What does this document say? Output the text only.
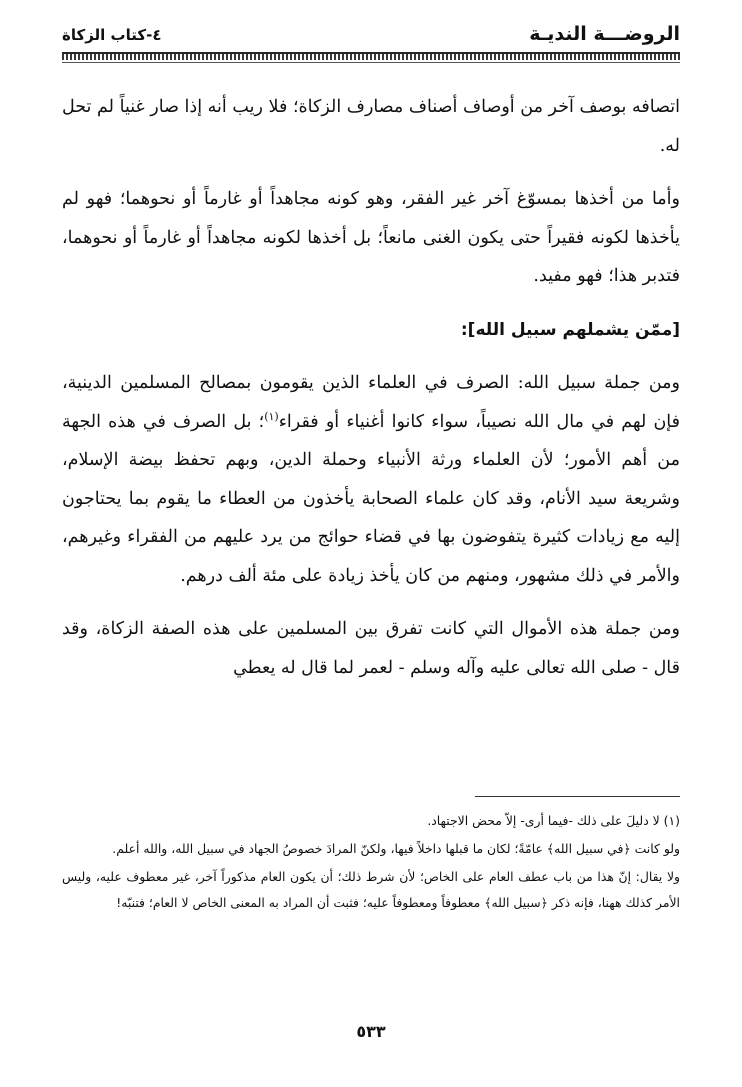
الروضـــة النديـة
٤-كتاب الزكاة

اتصافه بوصف آخر من أوصاف أصناف مصارف الزكاة؛ فلا ريب أنه إذا صار غنياً لم تحل له.

وأما من أخذها بمسوّغ آخر غير الفقر، وهو كونه مجاهداً أو غارماً أو نحوهما؛ فهو لم يأخذها لكونه فقيراً حتى يكون الغنى مانعاً؛ بل أخذها لكونه مجاهداً أو غارماً أو نحوهما، فتدبر هذا؛ فهو مفيد.

[ممّن يشملهم سبيل الله]:

ومن جملة سبيل الله: الصرف في العلماء الذين يقومون بمصالح المسلمين الدينية، فإن لهم في مال الله نصيباً، سواء كانوا أغنياء أو فقراء$^{(١)}$؛ بل الصرف في هذه الجهة من أهم الأمور؛ لأن العلماء ورثة الأنبياء وحملة الدين، وبهم تحفظ بيضة الإسلام، وشريعة سيد الأنام، وقد كان علماء الصحابة يأخذون من العطاء ما يقوم بما يحتاجون إليه مع زيادات كثيرة يتفوضون بها في قضاء حوائج من يرد عليهم من الفقراء وغيرهم، والأمر في ذلك مشهور، ومنهم من كان يأخذ زيادة على مئة ألف درهم.

ومن جملة هذه الأموال التي كانت تفرق بين المسلمين على هذه الصفة الزكاة، وقد قال - صلى الله تعالى عليه وآله وسلم - لعمر لما قال له يعطي

(١) لا دليلَ على ذلك -فيما أرى- إلاّ محض الاجتهاد.

ولو كانت ﴿في سبيل الله﴾ عامّةً؛ لكان ما قبلها داخلاً فيها، ولكنّ المرادَ خصوصُ الجهاد في سبيل الله، والله أعلم.

ولا يقال: إنّ هذا من باب عطف العام على الخاص؛ لأن شرط ذلك؛ أن يكون العام مذكوراً آخر، غير معطوف عليه، وليس الأمر كذلك ههنا، فإنه ذكر ﴿سبيل الله﴾ معطوفاً ومعطوفاً عليه؛ فثبت أن المراد به المعنى الخاص لا العام؛ فتنبّه!

٥٣٣
